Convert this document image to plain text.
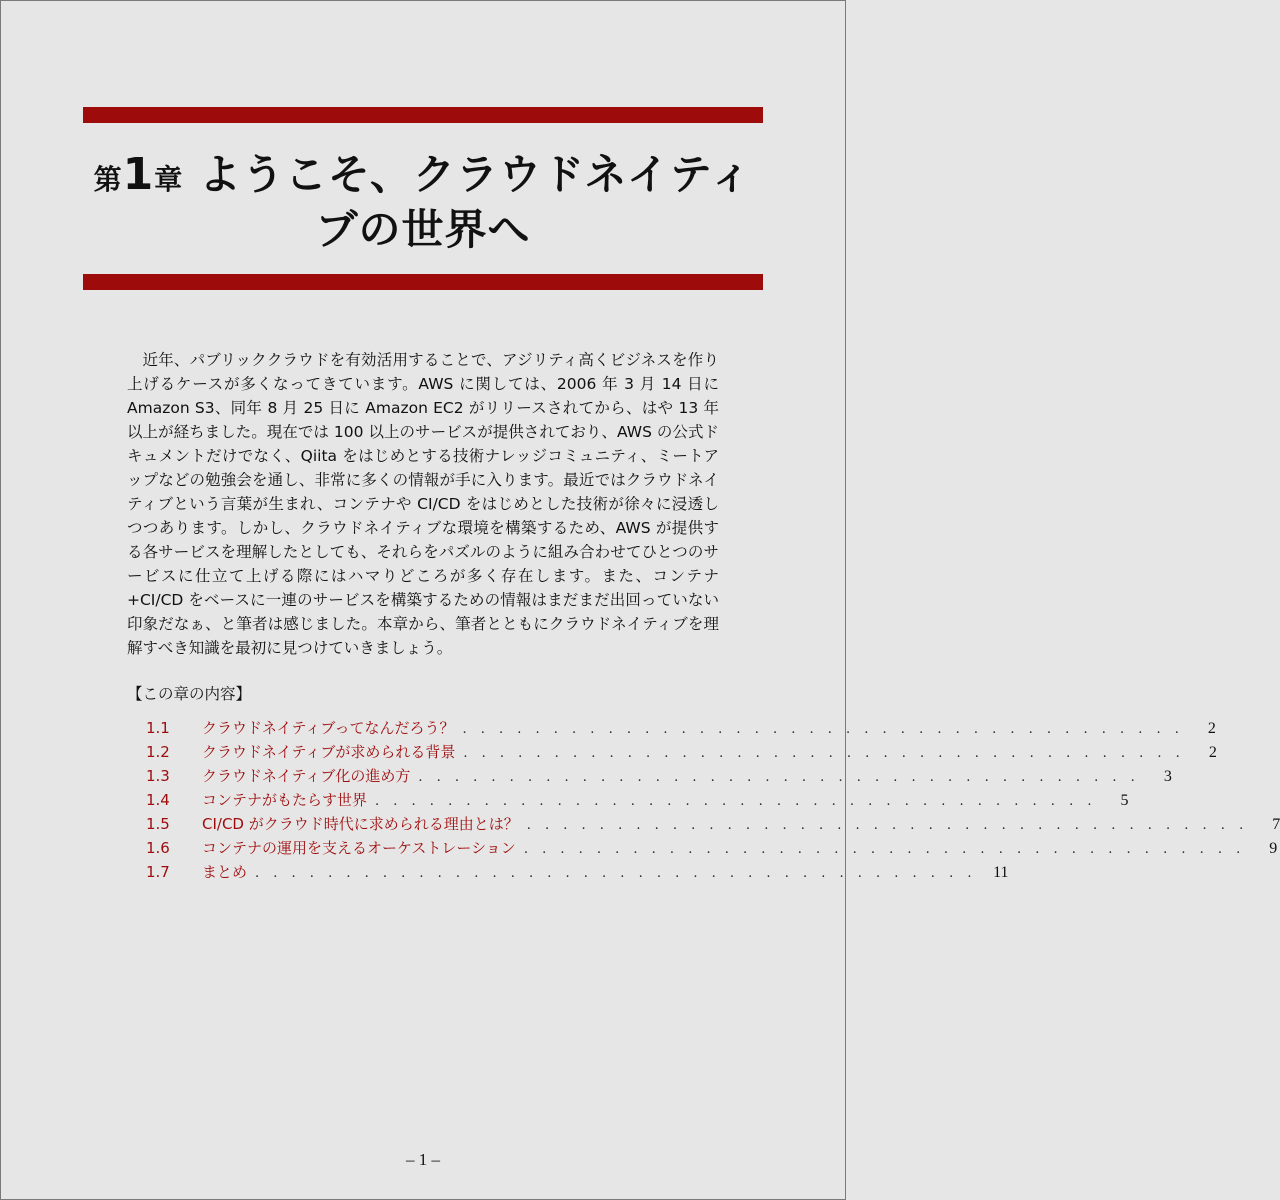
第1章 ようこそ、クラウドネイティ
ブの世界へ

近年、パブリッククラウドを有効活用することで、アジリティ高くビジネスを作り上げるケースが多くなってきています。AWS に関しては、2006 年 3 月 14 日に Amazon S3、同年 8 月 25 日に Amazon EC2 がリリースされてから、はや 13 年以上が経ちました。現在では 100 以上のサービスが提供されており、AWS の公式ドキュメントだけでなく、Qiita をはじめとする技術ナレッジコミュニティ、ミートアップなどの勉強会を通し、非常に多くの情報が手に入ります。最近ではクラウドネイティブという言葉が生まれ、コンテナや CI/CD をはじめとした技術が徐々に浸透しつつあります。しかし、クラウドネイティブな環境を構築するため、AWS が提供する各サービスを理解したとしても、それらをパズルのように組み合わせてひとつのサービスに仕立て上げる際にはハマりどころが多く存在します。また、コンテナ +CI/CD をベースに一連のサービスを構築するための情報はまだまだ出回っていない印象だなぁ、と筆者は感じました。本章から、筆者とともにクラウドネイティブを理解すべき知識を最初に見つけていきましょう。

【この章の内容】
1.1	クラウドネイティブってなんだろう？ . . . . . . . . . . . . . . . . . . . . . . . . . . . . . . . . . . . . . . . .	2
1.2	クラウドネイティブが求められる背景 . . . . . . . . . . . . . . . . . . . . . . . . . . . . . . . . . . . . . . . .	2
1.3	クラウドネイティブ化の進め方 . . . . . . . . . . . . . . . . . . . . . . . . . . . . . . . . . . . . . . . .	3
1.4	コンテナがもたらす世界 . . . . . . . . . . . . . . . . . . . . . . . . . . . . . . . . . . . . . . . .	5
1.5	CI/CD がクラウド時代に求められる理由とは？ . . . . . . . . . . . . . . . . . . . . . . . . . . . . . . . . . . . . . . . .	7
1.6	コンテナの運用を支えるオーケストレーション . . . . . . . . . . . . . . . . . . . . . . . . . . . . . . . . . . . . . . . .	9
1.7	まとめ . . . . . . . . . . . . . . . . . . . . . . . . . . . . . . . . . . . . . . . .	11
– 1 –
